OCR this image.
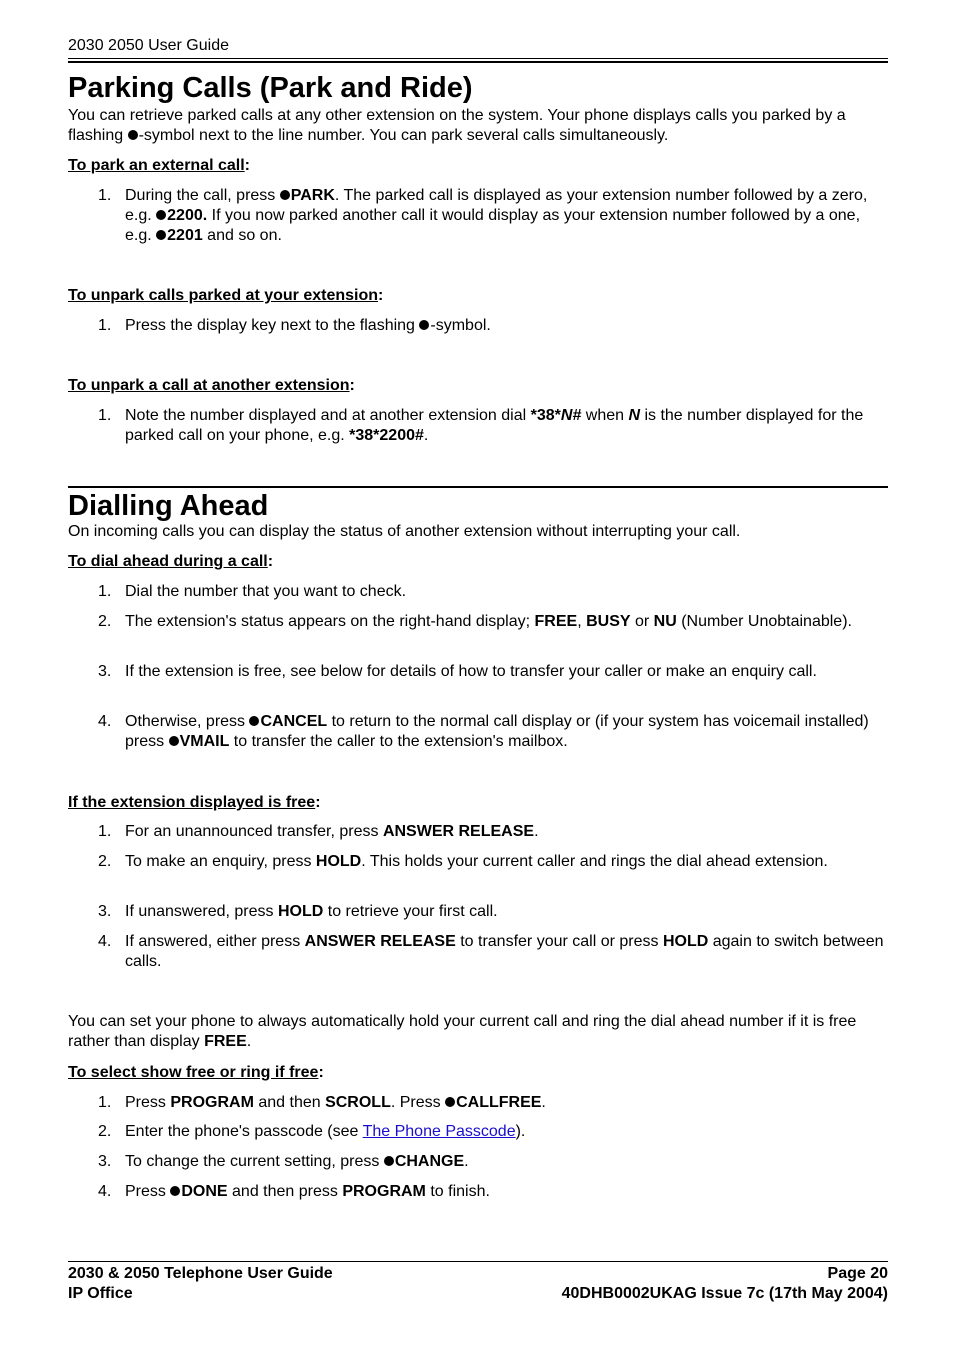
2030 2050 User Guide
Parking Calls (Park and Ride)

You can retrieve parked calls at any other extension on the system. Your phone displays calls you parked by a flashing -symbol next to the line number. You can park several calls simultaneously.

To park an external call:

1. During the call, press PARK. The parked call is displayed as your extension number followed by a zero, e.g. 2200. If you now parked another call it would display as your extension number followed by a one, e.g. 2201 and so on.

To unpark calls parked at your extension:

1. Press the display key next to the flashing -symbol.

To unpark a call at another extension:

1. Note the number displayed and at another extension dial *38*N# when N is the number displayed for the parked call on your phone, e.g. *38*2200#.
Dialling Ahead

On incoming calls you can display the status of another extension without interrupting your call.

To dial ahead during a call:

1. Dial the number that you want to check.
2. The extension's status appears on the right-hand display; FREE, BUSY or NU (Number Unobtainable).
3. If the extension is free, see below for details of how to transfer your caller or make an enquiry call.
4. Otherwise, press CANCEL to return to the normal call display or (if your system has voicemail installed) press VMAIL to transfer the caller to the extension's mailbox.

If the extension displayed is free:

1. For an unannounced transfer, press ANSWER RELEASE.
2. To make an enquiry, press HOLD. This holds your current caller and rings the dial ahead extension.
3. If unanswered, press HOLD to retrieve your first call.
4. If answered, either press ANSWER RELEASE to transfer your call or press HOLD again to switch between calls.

You can set your phone to always automatically hold your current call and ring the dial ahead number if it is free rather than display FREE.

To select show free or ring if free:

1. Press PROGRAM and then SCROLL. Press CALLFREE.
2. Enter the phone's passcode (see The Phone Passcode).
3. To change the current setting, press CHANGE.
4. Press DONE and then press PROGRAM to finish.
2030 & 2050 Telephone User Guide	Page 20
IP Office	40DHB0002UKAG Issue 7c (17th May 2004)
